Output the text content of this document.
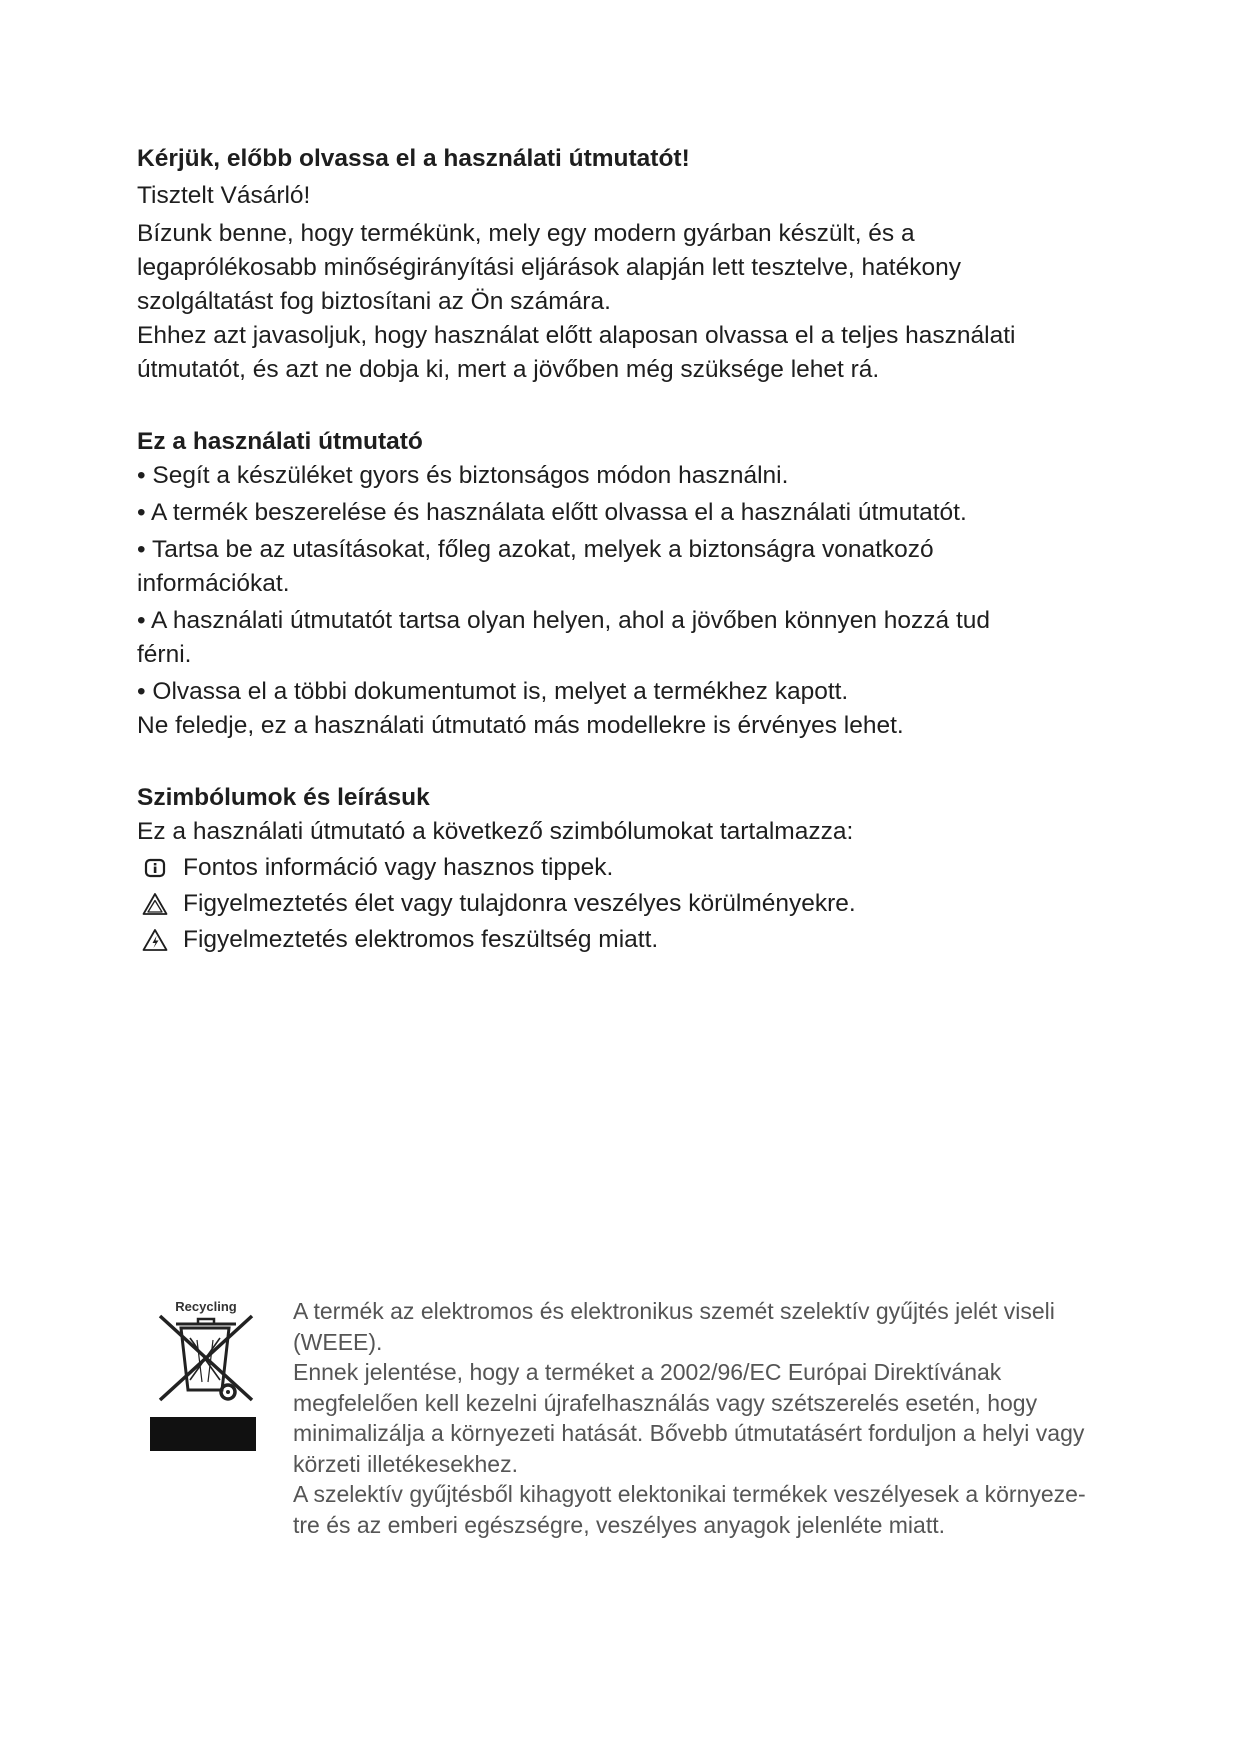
Kérjük, előbb olvassa el a használati útmutatót!
Tisztelt Vásárló!
Bízunk benne, hogy termékünk, mely egy modern gyárban készült, és a
legaprólékosabb minőségirányítási eljárások alapján lett tesztelve, hatékony
szolgáltatást fog biztosítani az Ön számára.
Ehhez azt javasoljuk, hogy használat előtt alaposan olvassa el a teljes használati
útmutatót, és azt ne dobja ki, mert a jövőben még szüksége lehet rá.
Ez a használati útmutató
• Segít a készüléket gyors és biztonságos módon használni.
• A termék beszerelése és használata előtt olvassa el a használati útmutatót.
• Tartsa be az utasításokat, főleg azokat, melyek a biztonságra vonatkozó
információkat.
• A használati útmutatót tartsa olyan helyen, ahol a jövőben könnyen hozzá tud
férni.
• Olvassa el a többi dokumentumot is, melyet a termékhez kapott.
Ne feledje, ez a használati útmutató más modellekre is érvényes lehet.
Szimbólumok és leírásuk
Ez a használati útmutató a következő szimbólumokat tartalmazza:
Fontos információ vagy hasznos tippek.
Figyelmeztetés élet vagy tulajdonra veszélyes körülményekre.
Figyelmeztetés elektromos feszültség miatt.
Recycling A termék az elektromos és elektronikus szemét szelektív gyűjtés jelét viseli
(WEEE).
Ennek jelentése, hogy a terméket a 2002/96/EC Európai Direktívának
megfelelően kell kezelni újrafelhasználás vagy szétszerelés esetén, hogy
minimalizálja a környezeti hatását. Bővebb útmutatásért forduljon a helyi vagy
körzeti illetékesekhez.
A szelektív gyűjtésből kihagyott elektonikai termékek veszélyesek a környeze-
tre és az emberi egészségre, veszélyes anyagok jelenléte miatt.
